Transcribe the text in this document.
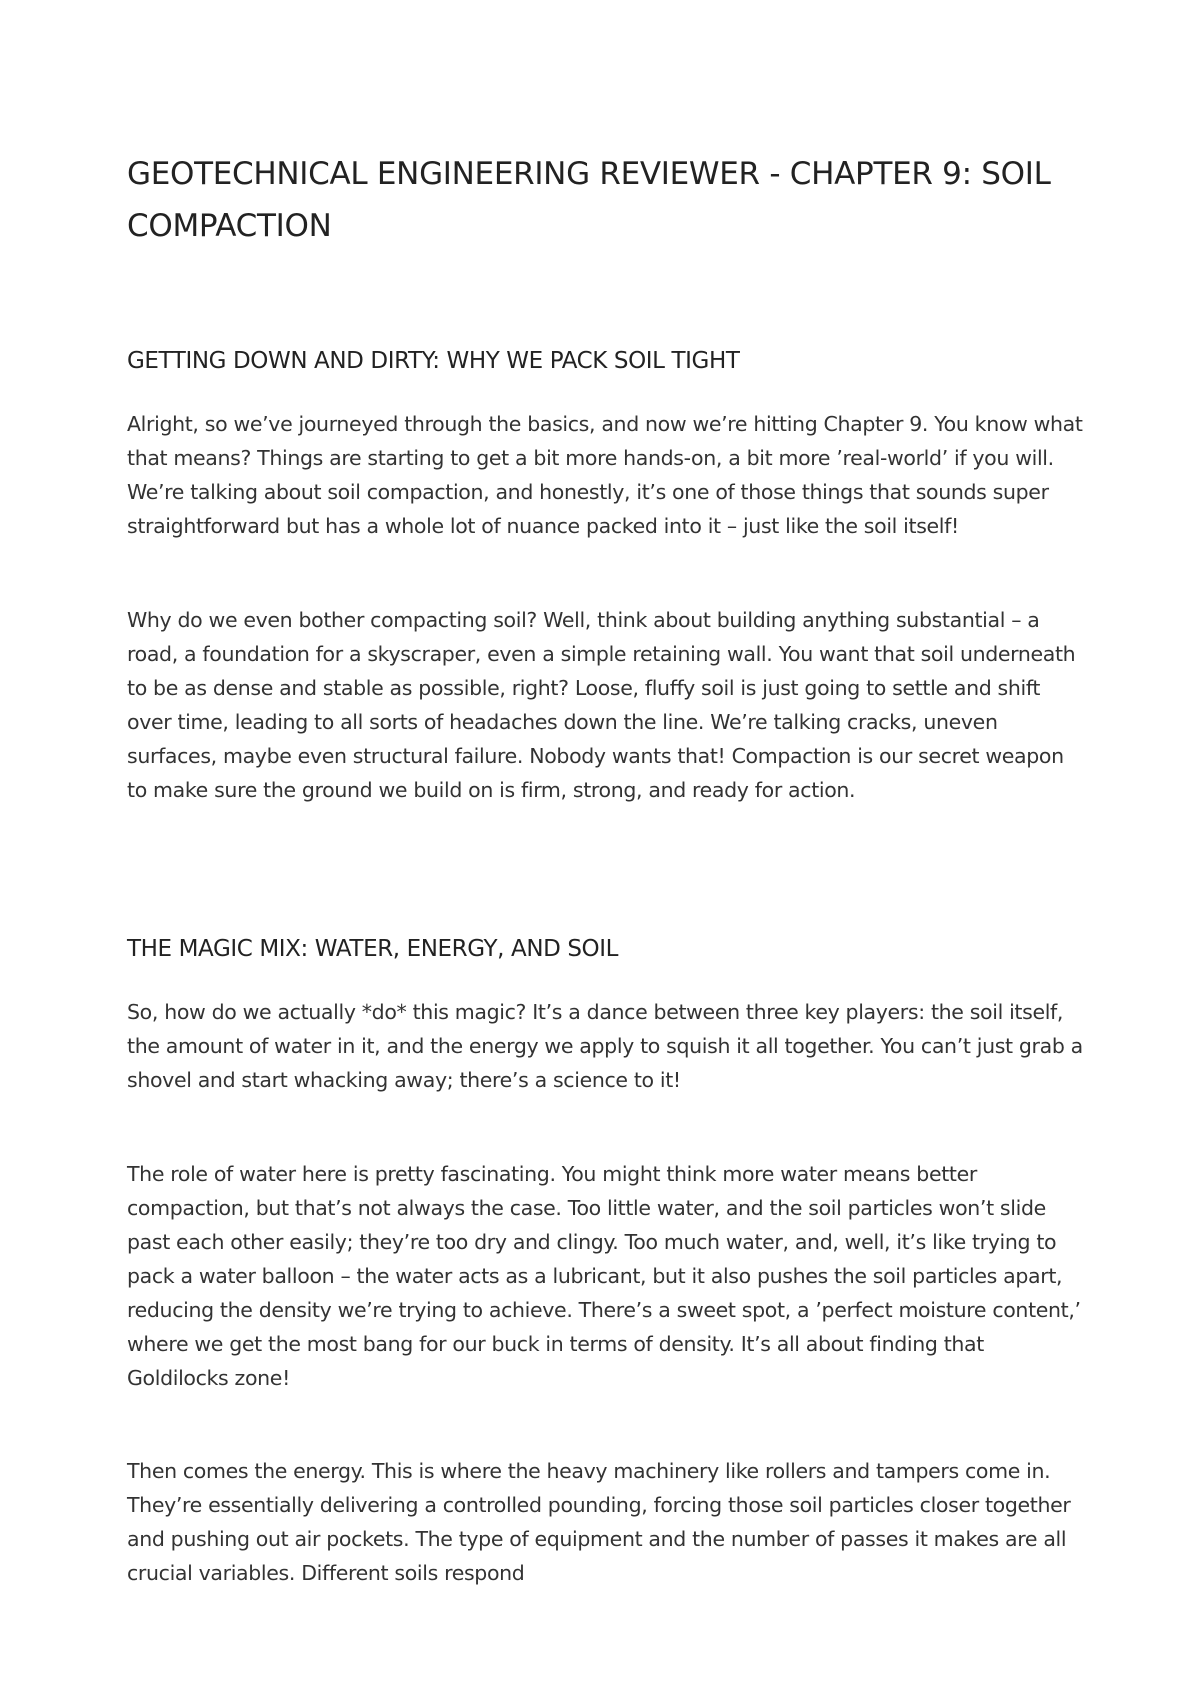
GEOTECHNICAL ENGINEERING REVIEWER - CHAPTER 9: SOIL COMPACTION
GETTING DOWN AND DIRTY: WHY WE PACK SOIL TIGHT

Alright, so we’ve journeyed through the basics, and now we’re hitting Chapter 9. You know what that means? Things are starting to get a bit more hands-on, a bit more ’real-world’ if you will. We’re talking about soil compaction, and honestly, it’s one of those things that sounds super straightforward but has a whole lot of nuance packed into it – just like the soil itself!

Why do we even bother compacting soil? Well, think about building anything substantial – a road, a foundation for a skyscraper, even a simple retaining wall. You want that soil underneath to be as dense and stable as possible, right? Loose, fluffy soil is just going to settle and shift over time, leading to all sorts of headaches down the line. We’re talking cracks, uneven surfaces, maybe even structural failure. Nobody wants that! Compaction is our secret weapon to make sure the ground we build on is firm, strong, and ready for action.

THE MAGIC MIX: WATER, ENERGY, AND SOIL

So, how do we actually *do* this magic? It’s a dance between three key players: the soil itself, the amount of water in it, and the energy we apply to squish it all together. You can’t just grab a shovel and start whacking away; there’s a science to it!

The role of water here is pretty fascinating. You might think more water means better compaction, but that’s not always the case. Too little water, and the soil particles won’t slide past each other easily; they’re too dry and clingy. Too much water, and, well, it’s like trying to pack a water balloon – the water acts as a lubricant, but it also pushes the soil particles apart, reducing the density we’re trying to achieve. There’s a sweet spot, a ’perfect moisture content,’ where we get the most bang for our buck in terms of density. It’s all about finding that Goldilocks zone!

Then comes the energy. This is where the heavy machinery like rollers and tampers come in. They’re essentially delivering a controlled pounding, forcing those soil particles closer together and pushing out air pockets. The type of equipment and the number of passes it makes are all crucial variables. Different soils respond
